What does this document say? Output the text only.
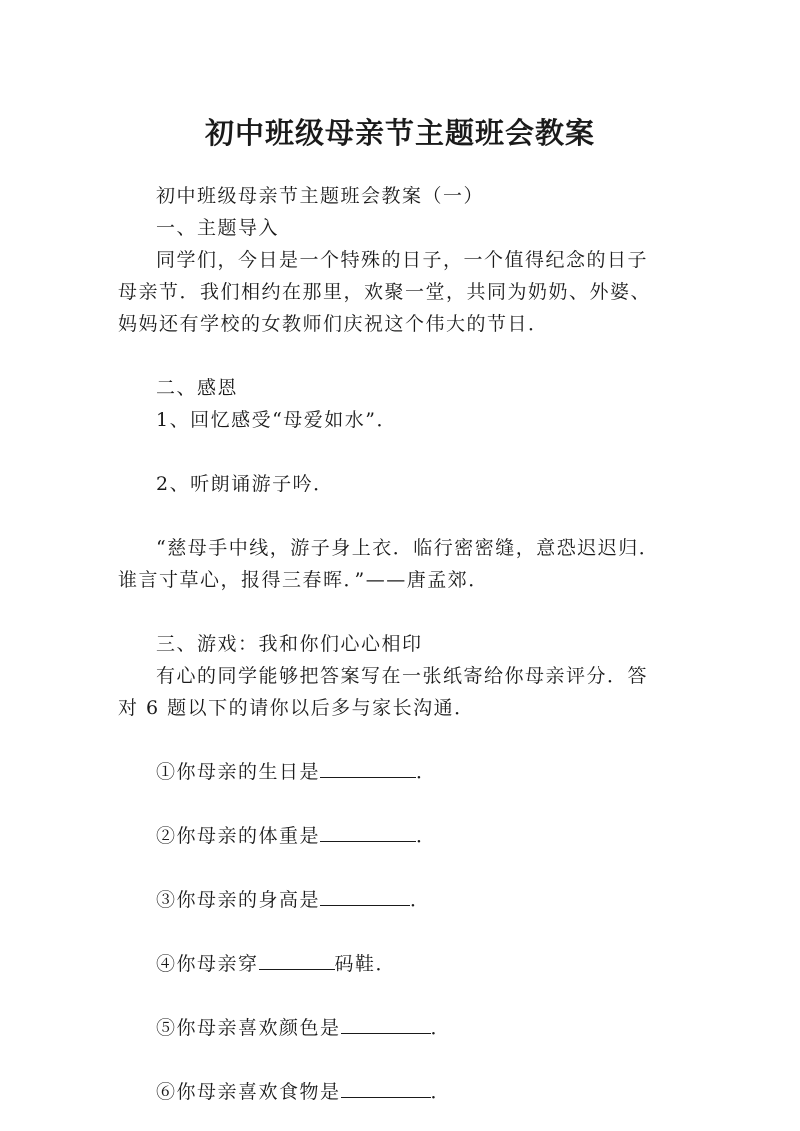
初中班级母亲节主题班会教案

初中班级母亲节主题班会教案（一）

一、主题导入

同学们，今日是一个特殊的日子，一个值得纪念的日子母亲节．我们相约在那里，欢聚一堂，共同为奶奶、外婆、妈妈还有学校的女教师们庆祝这个伟大的节日．

二、感恩

1、回忆感受“母爱如水”．

2、听朗诵游子吟．

“慈母手中线，游子身上衣．临行密密缝，意恐迟迟归．谁言寸草心，报得三春晖．”——唐孟郊．

三、游戏：我和你们心心相印

有心的同学能够把答案写在一张纸寄给你母亲评分．答对 6 题以下的请你以后多与家长沟通．

①你母亲的生日是	．

②你母亲的体重是	．

③你母亲的身高是	．

④你母亲穿	码鞋．

⑤你母亲喜欢颜色是	．

⑥你母亲喜欢食物是	．
